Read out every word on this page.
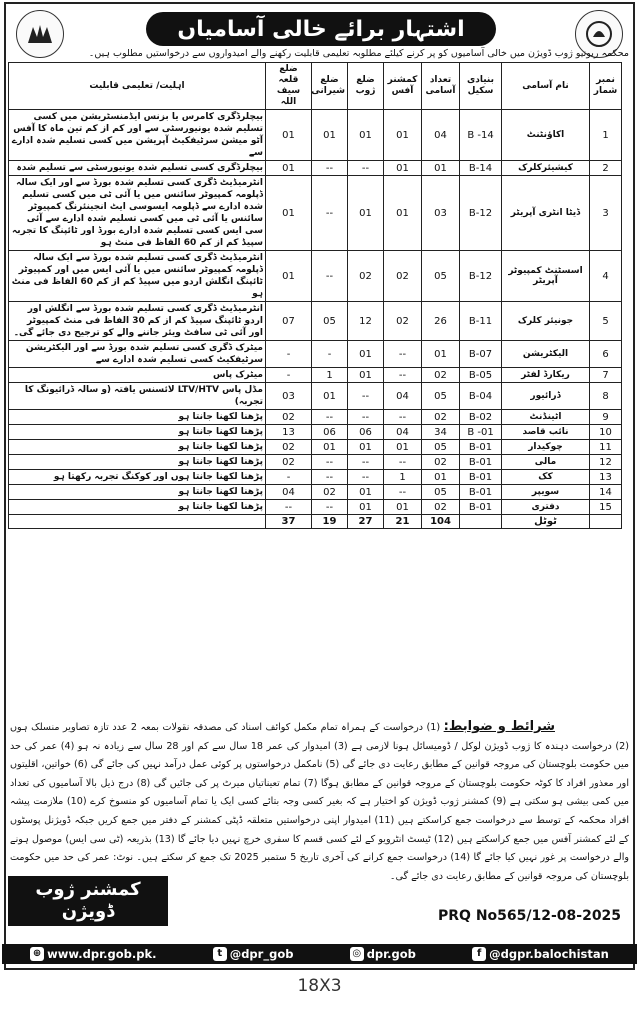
اشتہار برائے خالی آسامیاں
محکمہ ریونیو ژوب ڈویژن میں خالی آسامیوں کو پر کرنے کیلئے مطلوبہ تعلیمی قابلیت رکھنے والے امیدواروں سے درخواستیں مطلوب ہیں۔
نمبر شمار	نام آسامی	بنیادی سکیل	تعداد آسامی	کمشنر آفس	ضلع ژوب	ضلع شیرانی	ضلع قلعہ سیف اللہ	اہلیت/ تعلیمی قابلیت
1	اکاؤنٹنٹ	B -14	04	01	01	01	01	بیچلرڈگری کامرس یا بزنس ایڈمنسٹریشن میں کسی تسلیم شدہ یونیورسٹی سے اور کم از کم تین ماہ کا آفس آٹو میشن سرٹیفکیٹ آپریشن میں کسی تسلیم شدہ ادارے سے
2	کیشیئرکلرک	B-14	01	01	--	--	01	بیچلرڈگری کسی تسلیم شدہ یونیورسٹی سے تسلیم شدہ
3	ڈیٹا انٹری آپریٹر	B-12	03	01	01	--	01	انٹرمیڈیٹ ڈگری کسی تسلیم شدہ بورڈ سے اور ایک سالہ ڈپلومہ کمپیوٹر سائنس میں یا آئی ٹی میں کسی تسلیم شدہ ادارے سے ڈپلومہ ایسوسی ایٹ انجینئرنگ کمپیوٹر سائنس یا آئی ٹی میں کسی تسلیم شدہ ادارے سے آئی سی ایس کسی تسلیم شدہ ادارے بورڈ اور ٹائپنگ کا تجربہ سپیڈ کم از کم 60 الفاظ فی منٹ ہو
4	اسسٹنٹ کمپیوٹر آپریٹر	B-12	05	02	02	--	01	انٹرمیڈیٹ ڈگری کسی تسلیم شدہ بورڈ سے ایک سالہ ڈپلومہ کمپیوٹر سائنس میں یا آئی ایس میں اور کمپیوٹر ٹائپنگ انگلش اردو میں سپیڈ کم از کم 60 الفاظ فی منٹ ہو
5	جونیئر کلرک	B-11	26	02	12	05	07	انٹرمیڈیٹ ڈگری کسی تسلیم شدہ بورڈ سے انگلش اور اردو ٹائپنگ سپیڈ کم از کم 30 الفاظ فی منٹ کمپیوٹر اور آئی ٹی سافٹ ویئر جاننے والے کو ترجیح دی جائے گی۔
6	الیکٹریشن	B-07	01	--	01	-	-	میٹرک ڈگری کسی تسلیم شدہ بورڈ سے اور الیکٹریشن سرٹیفکیٹ کسی تسلیم شدہ ادارے سے
7	ریکارڈ لفٹر	B-05	02	--	01	1	-	میٹرک پاس
8	ڈرائیور	B-04	05	04	--	01	03	مڈل پاس LTV/HTV لائسنس یافتہ (و سالہ ڈرائیونگ کا تجربہ)
9	اٹینڈنٹ	B-02	02	--	--	--	02	پڑھنا لکھنا جانتا ہو
10	نائب قاصد	B -01	34	04	06	06	13	پڑھنا لکھنا جانتا ہو
11	چوکیدار	B-01	05	01	01	01	02	پڑھنا لکھنا جانتا ہو
12	مالی	B-01	02	--	--	--	02	پڑھنا لکھنا جانتا ہو
13	کک	B-01	01	1	--	--	-	پڑھنا لکھنا جانتا ہوں اور کوکنگ تجربہ رکھتا ہو
14	سویپر	B-01	05	--	01	02	04	پڑھنا لکھنا جانتا ہو
15	دفتری	B-01	02	01	01	--	--	پڑھنا لکھنا جانتا ہو
	ٹوٹل		104	21	27	19	37	
شرائط و ضوابط: (1) درخواست کے ہمراہ تمام مکمل کوائف اسناد کی مصدقہ نقولات بمعہ 2 عدد تازہ تصاویر منسلک ہوں (2) درخواست دہندہ کا ژوب ڈویژن لوکل / ڈومیسائل ہونا لازمی ہے (3) امیدوار کی عمر 18 سال سے کم اور 28 سال سے زیادہ نہ ہو (4) عمر کی حد میں حکومت بلوچستان کی مروجہ قوانین کے مطابق رعایت دی جائے گی (5) نامکمل درخواستوں پر کوئی عمل درآمد نہیں کی جائے گی (6) خواتین، اقلیتوں اور معذور افراد کا کوٹہ حکومت بلوچستان کے مروجہ قوانین کے مطابق ہوگا (7) تمام تعیناتیاں میرٹ پر کی جائیں گی (8) درج ذیل بالا آسامیوں کی تعداد میں کمی بیشی ہو سکتی ہے (9) کمشنر ژوب ڈویژن کو اختیار ہے کہ بغیر کسی وجہ بتائے کسی ایک یا تمام آسامیوں کو منسوخ کرے (10) ملازمت پیشہ افراد محکمہ کے توسط سے درخواست جمع کراسکتے ہیں (11) امیدوار اپنی درخواستیں متعلقہ ڈپٹی کمشنر کے دفتر میں جمع کریں جبکہ ڈویژنل پوسٹوں کے لئے کمشنر آفس میں جمع کراسکتے ہیں (12) ٹیسٹ انٹرویو کے لئے کسی قسم کا سفری خرچ نہیں دیا جائے گا (13) بذریعہ (ٹی سی ایس) موصول ہونے والے درخواست پر غور نہیں کیا جائے گا (14) درخواست جمع کرانے کی آخری تاریخ 5 ستمبر 2025 تک جمع کر سکتے ہیں۔ نوٹ: عمر کی حد میں حکومت بلوچستان کی مروجہ قوانین کے مطابق رعایت دی جائے گی۔
کمشنر ژوب
ڈویژن	PRQ No565/12-08-2025
⊕ www.dpr.gob.pk.	t @dpr_gob	◎ dpr.gob	f @dgpr.balochistan
18X3
